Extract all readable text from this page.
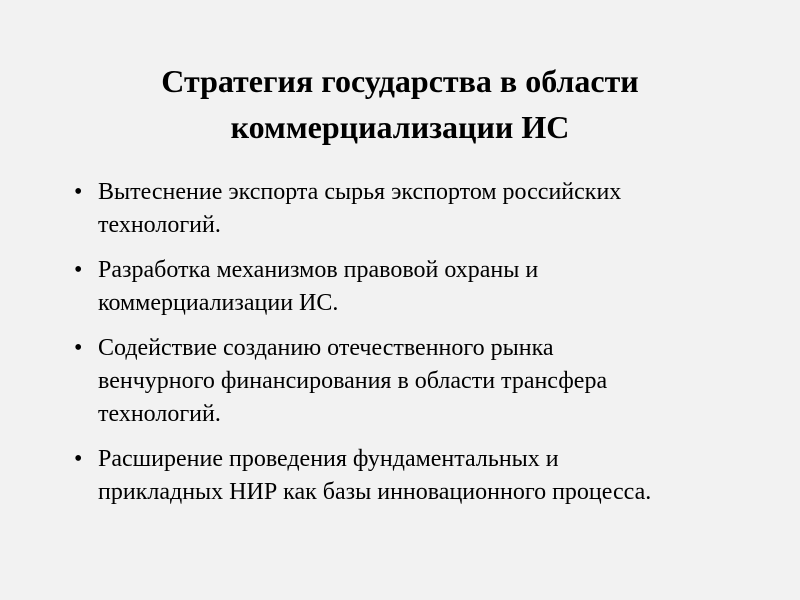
Стратегия государства в области
коммерциализации ИС
• Вытеснение экспорта сырья экспортом российских
технологий.
• Разработка механизмов правовой охраны и
коммерциализации ИС.
• Содействие созданию отечественного рынка
венчурного финансирования в области трансфера
технологий.
• Расширение проведения фундаментальных и
прикладных НИР как базы инновационного процесса.
